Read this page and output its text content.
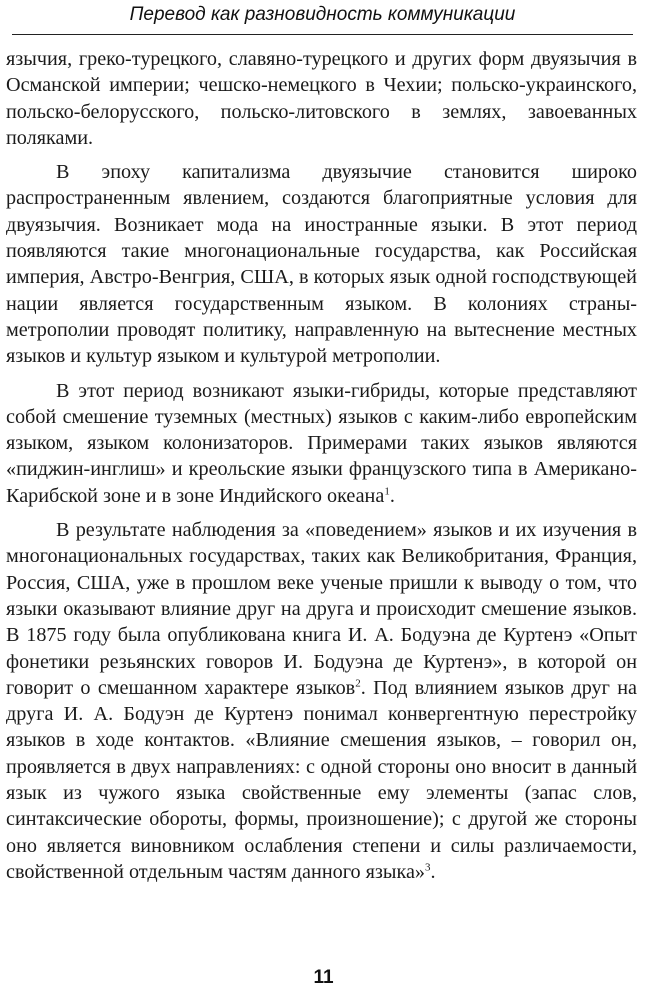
Перевод как разновидность коммуникации

язычия, греко-турецкого, славяно-турецкого и других форм двуязычия в Османской империи; чешско-немецкого в Чехии; польско-украинского, польско-белорусского, польско-литовского в землях, завоеванных поляками.

В эпоху капитализма двуязычие становится широко распространенным явлением, создаются благоприятные условия для двуязычия. Возникает мода на иностранные языки. В этот период появляются такие многонациональные государства, как Российская империя, Австро-Венгрия, США, в которых язык одной господствующей нации является государственным языком. В колониях страны-метрополии проводят политику, направленную на вытеснение местных языков и культур языком и культурой метрополии.

В этот период возникают языки-гибриды, которые представляют собой смешение туземных (местных) языков с каким-либо европейским языком, языком колонизаторов. Примерами таких языков являются «пиджин-инглиш» и креольские языки французского типа в Американо-Карибской зоне и в зоне Индийского океана$^1$.

В результате наблюдения за «поведением» языков и их изучения в многонациональных государствах, таких как Великобритания, Франция, Россия, США, уже в прошлом веке ученые пришли к выводу о том, что языки оказывают влияние друг на друга и происходит смешение языков. В 1875 году была опубликована книга И. А. Бодуэна де Куртенэ «Опыт фонетики резьянских говоров И. Бодуэна де Куртенэ», в которой он говорит о смешанном характере языков$^2$. Под влиянием языков друг на друга И. А. Бодуэн де Куртенэ понимал конвергентную перестройку языков в ходе контактов. «Влияние смешения языков, – говорил он, проявляется в двух направлениях: с одной стороны оно вносит в данный язык из чужого языка свойственные ему элементы (запас слов, синтаксические обороты, формы, произношение); с другой же стороны оно является виновником ослабления степени и силы различаемости, свойственной отдельным частям данного языка»$^3$.

11
